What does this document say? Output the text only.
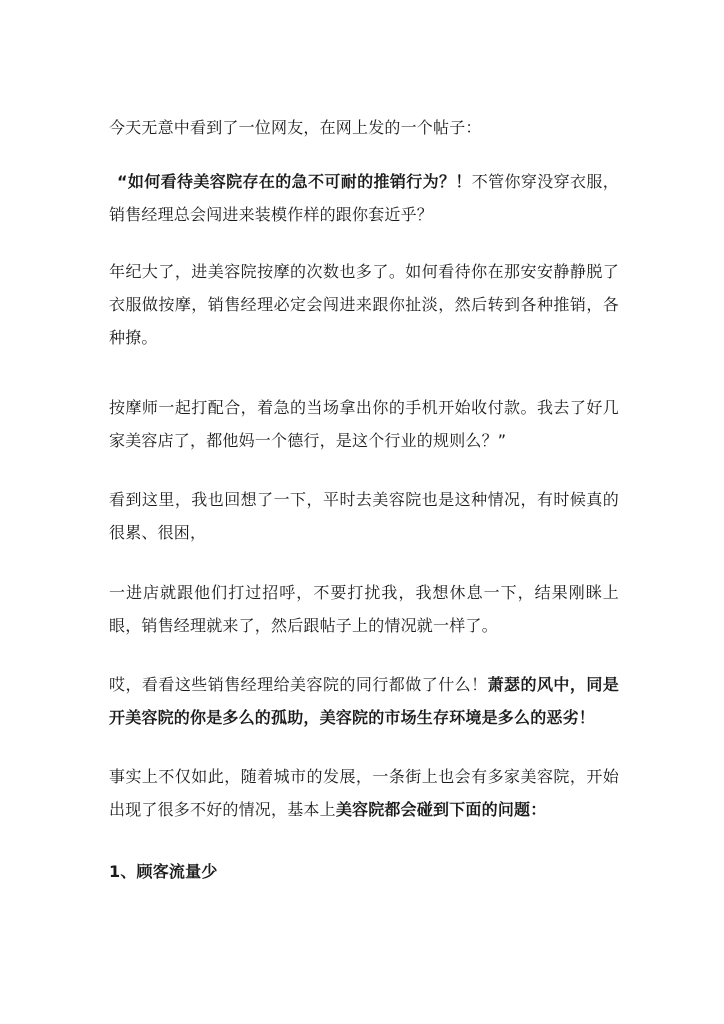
今天无意中看到了一位网友，在网上发的一个帖子：

“如何看待美容院存在的急不可耐的推销行为？！不管你穿没穿衣服，销售经理总会闯进来装模作样的跟你套近乎？

年纪大了，进美容院按摩的次数也多了。如何看待你在那安安静静脱了衣服做按摩，销售经理必定会闯进来跟你扯淡，然后转到各种推销，各种撩。

按摩师一起打配合，着急的当场拿出你的手机开始收付款。我去了好几家美容店了，都他妈一个德行，是这个行业的规则么？”

看到这里，我也回想了一下，平时去美容院也是这种情况，有时候真的很累、很困，

一进店就跟他们打过招呼，不要打扰我，我想休息一下，结果刚眯上眼，销售经理就来了，然后跟帖子上的情况就一样了。

哎，看看这些销售经理给美容院的同行都做了什么！萧瑟的风中，同是开美容院的你是多么的孤助，美容院的市场生存环境是多么的恶劣！

事实上不仅如此，随着城市的发展，一条街上也会有多家美容院，开始出现了很多不好的情况，基本上美容院都会碰到下面的问题：

1、顾客流量少
